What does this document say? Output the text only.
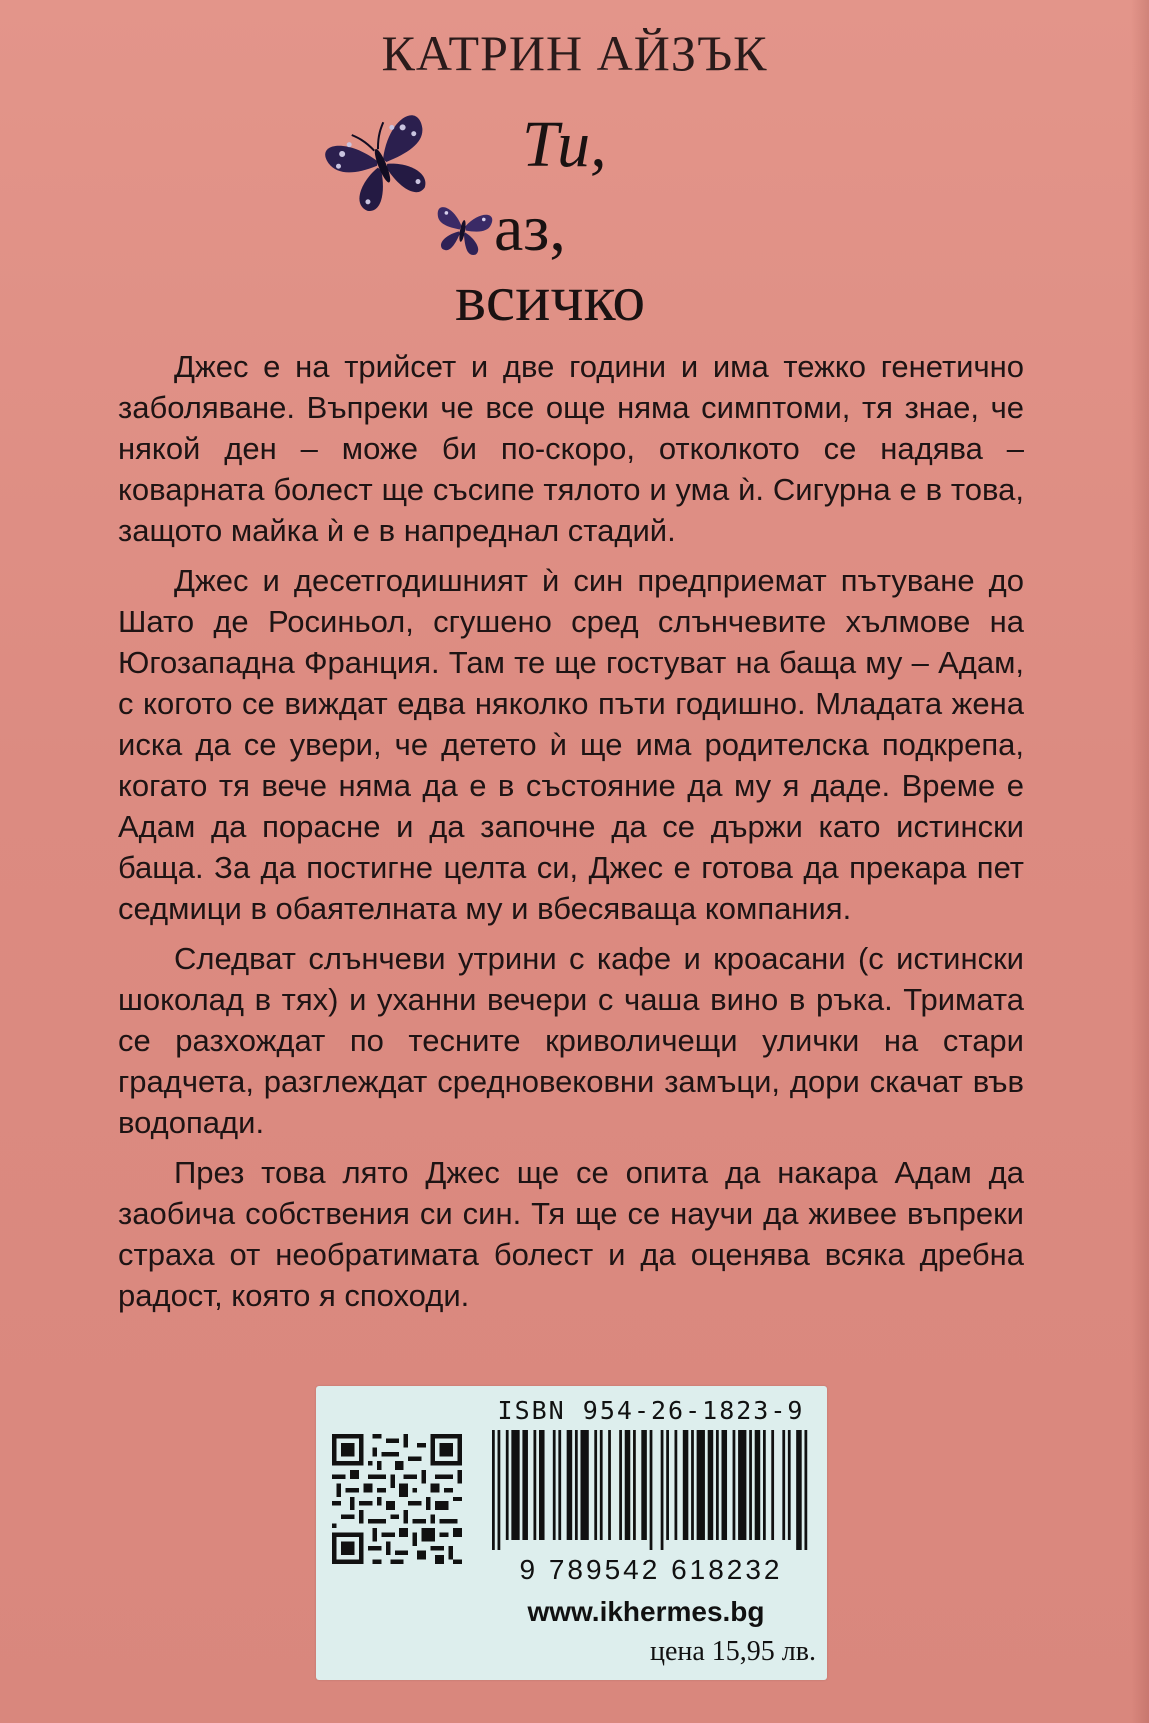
КАТРИН АЙЗЪК
Ти,
аз,
всичко

Джес е на трийсет и две години и има тежко генетично заболяване. Въпреки че все още няма симптоми, тя знае, че някой ден – може би по-скоро, отколкото се надява – коварната болест ще съсипе тялото и ума ѝ. Сигурна е в това, защото майка ѝ е в напреднал стадий.

Джес и десетгодишният ѝ син предприемат пътуване до Шато де Росиньол, сгушено сред слънчевите хълмове на Югозападна Франция. Там те ще гостуват на баща му – Адам, с когото се виждат едва няколко пъти годишно. Младата жена иска да се увери, че детето ѝ ще има родителска подкрепа, когато тя вече няма да е в състояние да му я даде. Време е Адам да порасне и да започне да се държи като истински баща. За да постигне целта си, Джес е готова да прекара пет седмици в обаятелната му и вбесяваща компания.

Следват слънчеви утрини с кафе и кроасани (с истински шоколад в тях) и уханни вечери с чаша вино в ръка. Тримата се разхождат по тесните криволичещи улички на стари градчета, разглеждат средновековни замъци, дори скачат във водопади.

През това лято Джес ще се опита да накара Адам да заобича собствения си син. Тя ще се научи да живее въпреки страха от необратимата болест и да оценява всяка дребна радост, която я споходи.

ISBN 954-26-1823-9
9 789542 618232
www.ikhermes.bg
цена 15,95 лв.
